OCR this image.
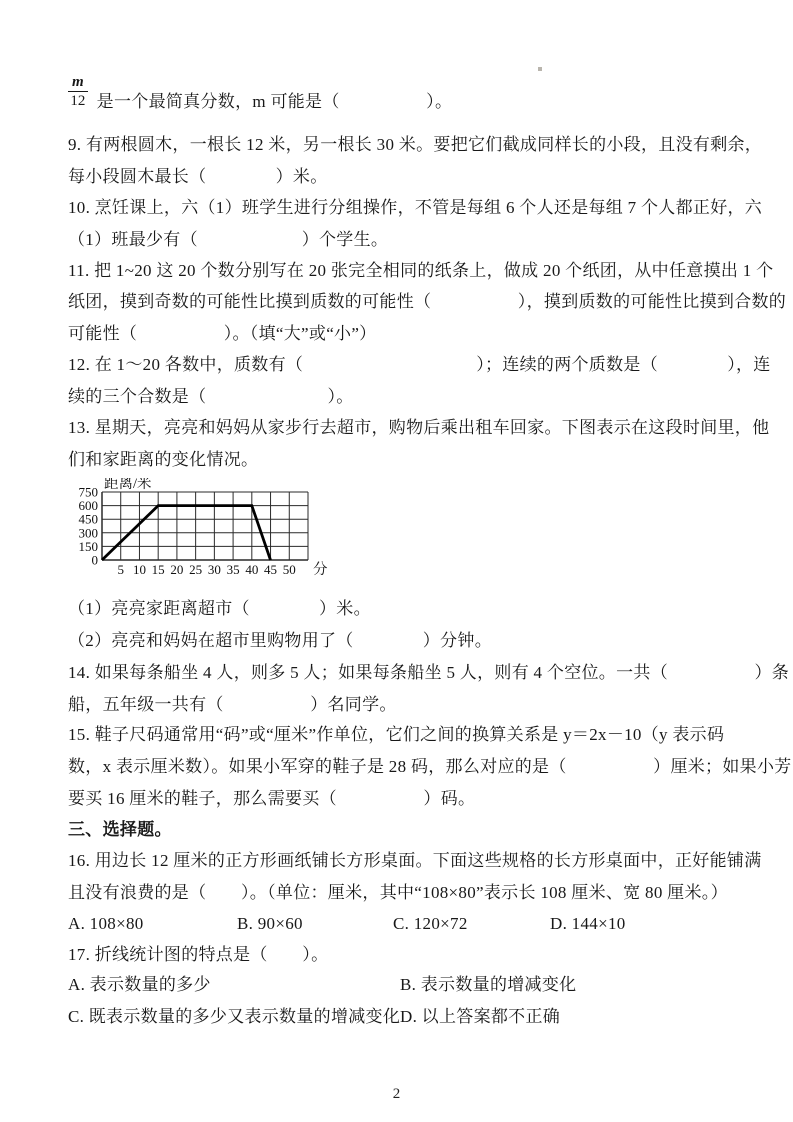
$\frac{m}{12}$ 是一个最简真分数，m 可能是（　　　　　）。
9. 有两根圆木，一根长 12 米，另一根长 30 米。要把它们截成同样长的小段，且没有剩余，
每小段圆木最长（　　　　）米。
10. 烹饪课上，六（1）班学生进行分组操作，不管是每组 6 个人还是每组 7 个人都正好，六
（1）班最少有（　　　　　　）个学生。
11. 把 1~20 这 20 个数分别写在 20 张完全相同的纸条上，做成 20 个纸团，从中任意摸出 1 个
纸团，摸到奇数的可能性比摸到质数的可能性（　　　　　），摸到质数的可能性比摸到合数的
可能性（　　　　　）。（填“大”或“小”）
12. 在 1～20 各数中，质数有（　　　　　　　　　　）；连续的两个质数是（　　　　），连
续的三个合数是（　　　　　　　）。
13. 星期天，亮亮和妈妈从家步行去超市，购物后乘出租车回家。下图表示在这段时间里，他
们和家距离的变化情况。
5 10 15 20 25 30 35 40 45 50
0
150
300
450
600
750 距离/米
分
（1）亮亮家距离超市（　　　　）米。
（2）亮亮和妈妈在超市里购物用了（　　　　）分钟。
14. 如果每条船坐 4 人，则多 5 人；如果每条船坐 5 人，则有 4 个空位。一共（　　　　　）条
船，五年级一共有（　　　　　）名同学。
15. 鞋子尺码通常用“码”或“厘米”作单位，它们之间的换算关系是 y＝2x－10（y 表示码
数，x 表示厘米数）。如果小军穿的鞋子是 28 码，那么对应的是（　　　　　）厘米；如果小芳
要买 16 厘米的鞋子，那么需要买（　　　　　）码。
三、选择题。
16. 用边长 12 厘米的正方形画纸铺长方形桌面。下面这些规格的长方形桌面中，正好能铺满
且没有浪费的是（　　）。（单位：厘米，其中“108×80”表示长 108 厘米、宽 80 厘米。）
A. 108×80	B. 90×60	C. 120×72	D. 144×10
17. 折线统计图的特点是（　　）。
A. 表示数量的多少	B. 表示数量的增减变化
C. 既表示数量的多少又表示数量的增减变化 D. 以上答案都不正确
2
